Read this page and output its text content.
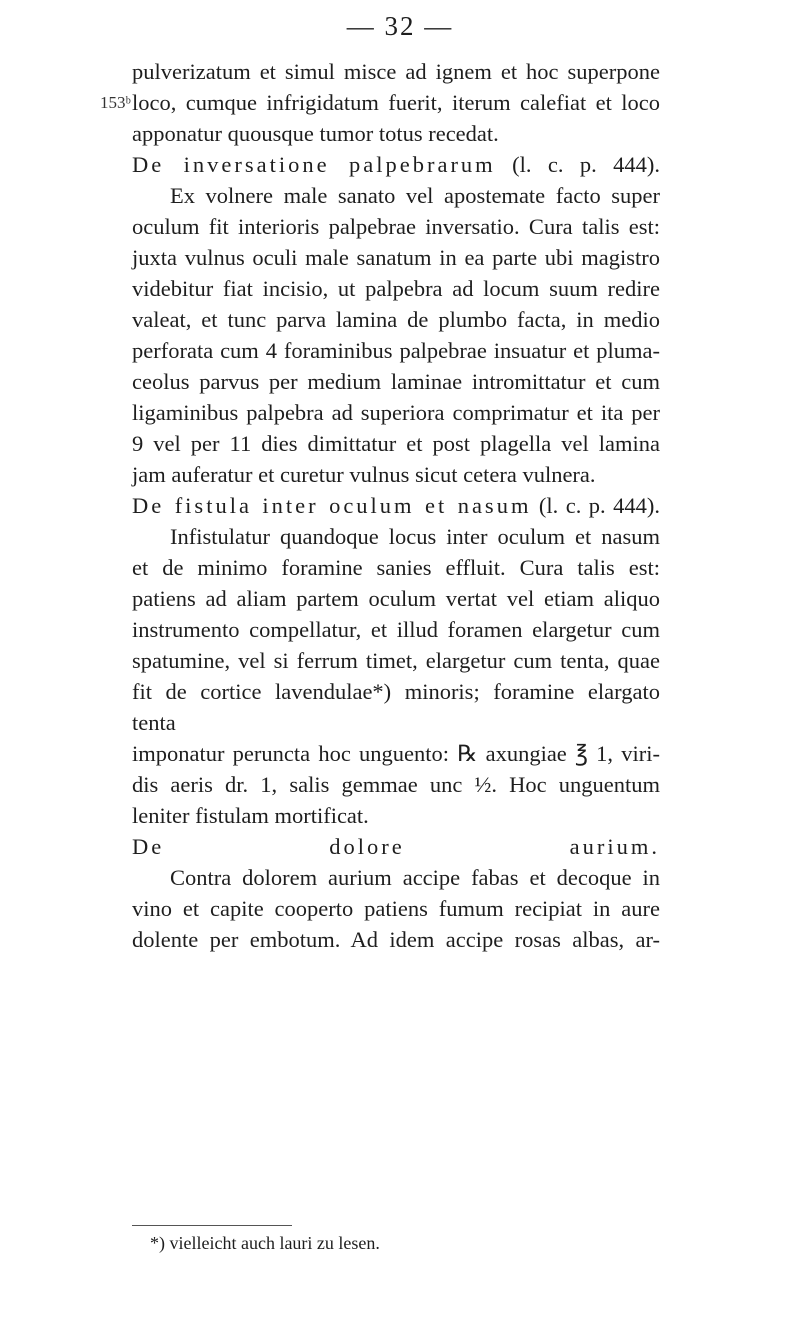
— 32 —
153ᵇ

pulverizatum et simul misce ad ignem et hoc superpone

loco, cumque infrigidatum fuerit, iterum calefiat et loco

apponatur quousque tumor totus recedat.

De inversatione palpebrarum (l. c. p. 444).

Ex volnere male sanato vel apostemate facto super

oculum fit interioris palpebrae inversatio. Cura talis est:

juxta vulnus oculi male sanatum in ea parte ubi magistro

videbitur fiat incisio, ut palpebra ad locum suum redire

valeat, et tunc parva lamina de plumbo facta, in medio

perforata cum 4 foraminibus palpebrae insuatur et pluma-

ceolus parvus per medium laminae intromittatur et cum

ligaminibus palpebra ad superiora comprimatur et ita per

9 vel per 11 dies dimittatur et post plagella vel lamina

jam auferatur et curetur vulnus sicut cetera vulnera.

De fistula inter oculum et nasum (l. c. p. 444).

Infistulatur quandoque locus inter oculum et nasum

et de minimo foramine sanies effluit. Cura talis est:

patiens ad aliam partem oculum vertat vel etiam aliquo

instrumento compellatur, et illud foramen elargetur cum

spatumine, vel si ferrum timet, elargetur cum tenta, quae

fit de cortice lavendulae*) minoris; foramine elargato tenta

imponatur peruncta hoc unguento: ℞ axungiae ℥ 1, viri-

dis aeris dr. 1, salis gemmae unc ½. Hoc unguentum

leniter fistulam mortificat.

De dolore aurium.

Contra dolorem aurium accipe fabas et decoque in

vino et capite cooperto patiens fumum recipiat in aure

dolente per embotum. Ad idem accipe rosas albas, ar-

*) vielleicht auch lauri zu lesen.
